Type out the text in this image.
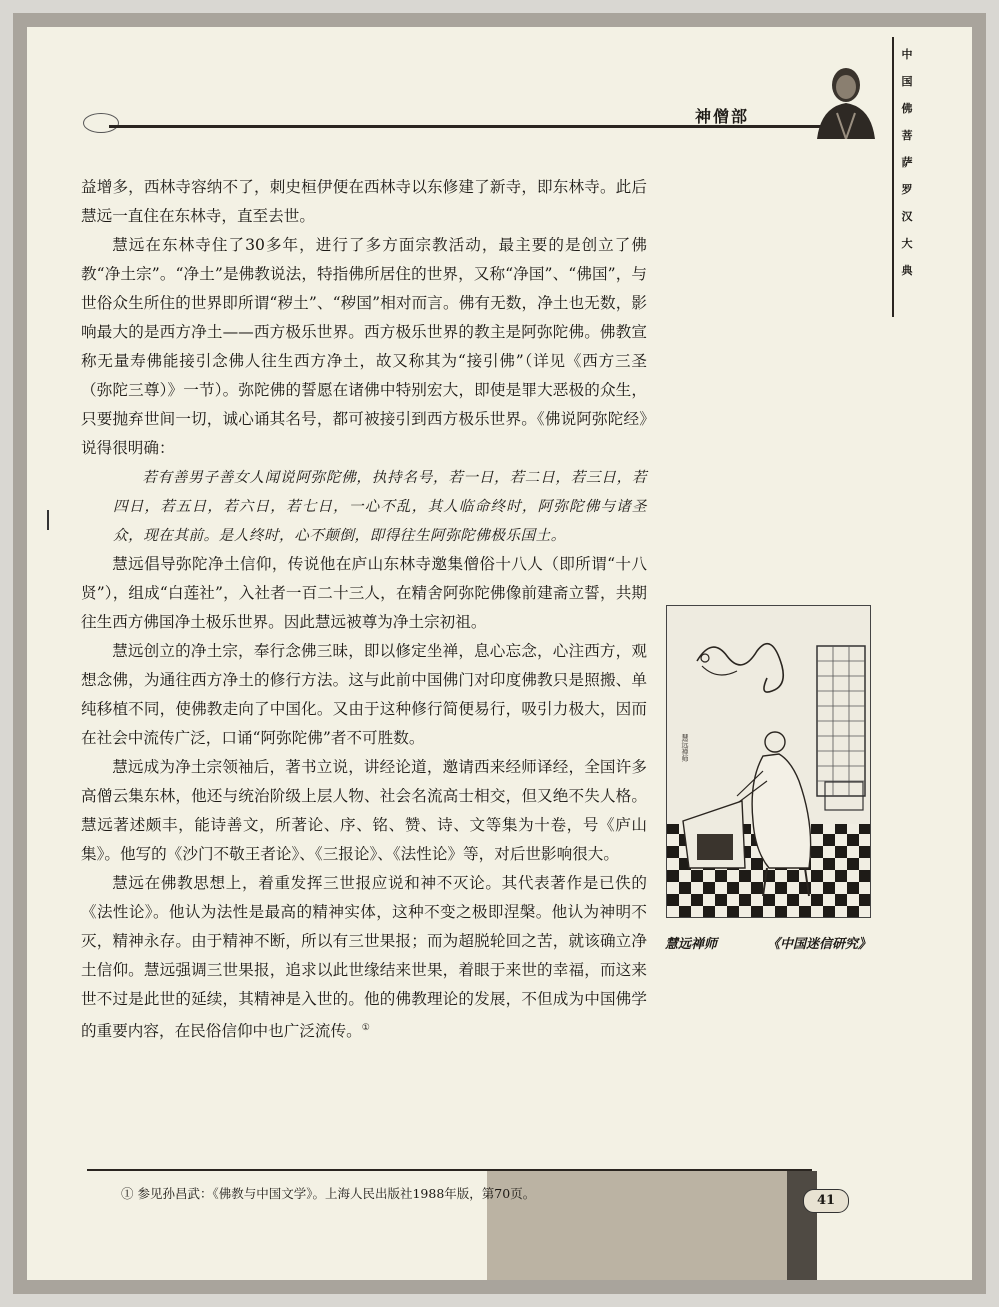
神僧部
中国佛菩萨罗汉大典

益增多，西林寺容纳不了，刺史桓伊便在西林寺以东修建了新寺，即东林寺。此后慧远一直住在东林寺，直至去世。

慧远在东林寺住了30多年，进行了多方面宗教活动，最主要的是创立了佛教“净土宗”。“净土”是佛教说法，特指佛所居住的世界，又称“净国”、“佛国”，与世俗众生所住的世界即所谓“秽土”、“秽国”相对而言。佛有无数，净土也无数，影响最大的是西方净土——西方极乐世界。西方极乐世界的教主是阿弥陀佛。佛教宣称无量寿佛能接引念佛人往生西方净土，故又称其为“接引佛”（详见《西方三圣（弥陀三尊）》一节）。弥陀佛的誓愿在诸佛中特别宏大，即使是罪大恶极的众生，只要抛弃世间一切，诚心诵其名号，都可被接引到西方极乐世界。《佛说阿弥陀经》说得很明确：

若有善男子善女人闻说阿弥陀佛，执持名号，若一日，若二日，若三日，若四日，若五日，若六日，若七日，一心不乱，其人临命终时，阿弥陀佛与诸圣众，现在其前。是人终时，心不颠倒，即得往生阿弥陀佛极乐国土。

慧远倡导弥陀净土信仰，传说他在庐山东林寺邀集僧俗十八人（即所谓“十八贤”），组成“白莲社”，入社者一百二十三人，在精舍阿弥陀佛像前建斋立誓，共期往生西方佛国净土极乐世界。因此慧远被尊为净土宗初祖。

慧远创立的净土宗，奉行念佛三昧，即以修定坐禅，息心忘念，心注西方，观想念佛，为通往西方净土的修行方法。这与此前中国佛门对印度佛教只是照搬、单纯移植不同，使佛教走向了中国化。又由于这种修行简便易行，吸引力极大，因而在社会中流传广泛，口诵“阿弥陀佛”者不可胜数。

慧远成为净土宗领袖后，著书立说，讲经论道，邀请西来经师译经，全国许多高僧云集东林，他还与统治阶级上层人物、社会名流高士相交，但又绝不失人格。慧远著述颇丰，能诗善文，所著论、序、铭、赞、诗、文等集为十卷，号《庐山集》。他写的《沙门不敬王者论》、《三报论》、《法性论》等，对后世影响很大。

慧远在佛教思想上，着重发挥三世报应说和神不灭论。其代表著作是已佚的《法性论》。他认为法性是最高的精神实体，这种不变之极即涅槃。他认为神明不灭，精神永存。由于精神不断，所以有三世果报；而为超脱轮回之苦，就该确立净土信仰。慧远强调三世果报，追求以此世缘结来世果，着眼于来世的幸福，而这来世不过是此世的延续，其精神是入世的。他的佛教理论的发展，不但成为中国佛学的重要内容，在民俗信仰中也广泛流传。①

慧远禅师
慧远禅师	《中国迷信研究》
① 参见孙昌武：《佛教与中国文学》。上海人民出版社1988年版，第70页。	41
